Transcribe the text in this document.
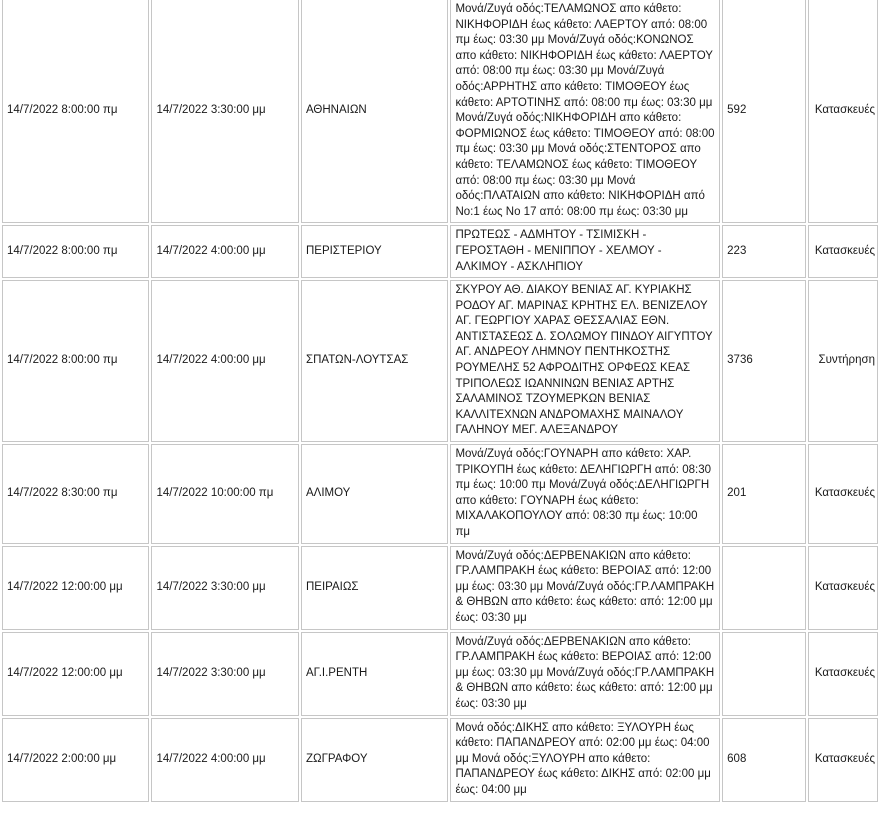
14/7/2022 8:00:00 πμ	14/7/2022 3:30:00 μμ	ΑΘΗΝΑΙΩΝ	Μονά/Ζυγά οδός:ΤΕΛΑΜΩΝΟΣ απο κάθετο: ΝΙΚΗΦΟΡΙΔΗ έως κάθετο: ΛΑΕΡΤΟΥ από: 08:00 πμ έως: 03:30 μμ Μονά/Ζυγά οδός:ΚΟΝΩΝΟΣ απο κάθετο: ΝΙΚΗΦΟΡΙΔΗ έως κάθετο: ΛΑΕΡΤΟΥ από: 08:00 πμ έως: 03:30 μμ Μονά/Ζυγά οδός:ΑΡΡΗΤΗΣ απο κάθετο: ΤΙΜΟΘΕΟΥ έως κάθετο: ΑΡΤΟΤΙΝΗΣ από: 08:00 πμ έως: 03:30 μμ Μονά/Ζυγά οδός:ΝΙΚΗΦΟΡΙΔΗ απο κάθετο: ΦΟΡΜΙΩΝΟΣ έως κάθετο: ΤΙΜΟΘΕΟΥ από: 08:00 πμ έως: 03:30 μμ Μονά οδός:ΣΤΕΝΤΟΡΟΣ απο κάθετο: ΤΕΛΑΜΩΝΟΣ έως κάθετο: ΤΙΜΟΘΕΟΥ από: 08:00 πμ έως: 03:30 μμ Μονά οδός:ΠΛΑΤΑΙΩΝ απο κάθετο: ΝΙΚΗΦΟΡΙΔΗ από Νο:1 έως Νο 17 από: 08:00 πμ έως: 03:30 μμ	592	Κατασκευές
14/7/2022 8:00:00 πμ	14/7/2022 4:00:00 μμ	ΠΕΡΙΣΤΕΡΙΟΥ	ΠΡΩΤΕΩΣ - ΑΔΜΗΤΟΥ - ΤΣΙΜΙΣΚΗ - ΓΕΡΟΣΤΑΘΗ - ΜΕΝΙΠΠΟΥ - ΧΕΛΜΟΥ - ΑΛΚΙΜΟΥ - ΑΣΚΛΗΠΙΟΥ	223	Κατασκευές
14/7/2022 8:00:00 πμ	14/7/2022 4:00:00 μμ	ΣΠΑΤΩΝ-ΛΟΥΤΣΑΣ	ΣΚΥΡΟΥ ΑΘ. ΔΙΑΚΟΥ ΒΕΝΙΑΣ ΑΓ. ΚΥΡΙΑΚΗΣ ΡΟΔΟΥ ΑΓ. ΜΑΡΙΝΑΣ ΚΡΗΤΗΣ ΕΛ. ΒΕΝΙΖΕΛΟΥ ΑΓ. ΓΕΩΡΓΙΟΥ ΧΑΡΑΣ ΘΕΣΣΑΛΙΑΣ ΕΘΝ. ΑΝΤΙΣΤΑΣΕΩΣ Δ. ΣΟΛΩΜΟΥ ΠΙΝΔΟΥ ΑΙΓΥΠΤΟΥ ΑΓ. ΑΝΔΡΕΟΥ ΛΗΜΝΟΥ ΠΕΝΤΗΚΟΣΤΗΣ ΡΟΥΜΕΛΗΣ 52 ΑΦΡΟΔΙΤΗΣ ΟΡΦΕΩΣ ΚΕΑΣ ΤΡΙΠΟΛΕΩΣ ΙΩΑΝΝΙΝΩΝ ΒΕΝΙΑΣ ΑΡΤΗΣ ΣΑΛΑΜΙΝΟΣ ΤΖΟΥΜΕΡΚΩΝ ΒΕΝΙΑΣ ΚΑΛΛΙΤΕΧΝΩΝ ΑΝΔΡΟΜΑΧΗΣ ΜΑΙΝΑΛΟΥ ΓΑΛΗΝΟΥ ΜΕΓ. ΑΛΕΞΑΝΔΡΟΥ	3736	Συντήρηση
14/7/2022 8:30:00 πμ	14/7/2022 10:00:00 πμ	ΑΛΙΜΟΥ	Μονά/Ζυγά οδός:ΓΟΥΝΑΡΗ απο κάθετο: ΧΑΡ. ΤΡΙΚΟΥΠΗ έως κάθετο: ΔΕΛΗΓΙΩΡΓΗ από: 08:30 πμ έως: 10:00 πμ Μονά/Ζυγά οδός:ΔΕΛΗΓΙΩΡΓΗ απο κάθετο: ΓΟΥΝΑΡΗ έως κάθετο: ΜΙΧΑΛΑΚΟΠΟΥΛΟΥ από: 08:30 πμ έως: 10:00 πμ	201	Κατασκευές
14/7/2022 12:00:00 μμ	14/7/2022 3:30:00 μμ	ΠΕΙΡΑΙΩΣ	Μονά/Ζυγά οδός:ΔΕΡΒΕΝΑΚΙΩΝ απο κάθετο: ΓΡ.ΛΑΜΠΡΑΚΗ έως κάθετο: ΒΕΡΟΙΑΣ από: 12:00 μμ έως: 03:30 μμ Μονά/Ζυγά οδός:ΓΡ.ΛΑΜΠΡΑΚΗ & ΘΗΒΩΝ απο κάθετο: έως κάθετο: από: 12:00 μμ έως: 03:30 μμ		Κατασκευές
14/7/2022 12:00:00 μμ	14/7/2022 3:30:00 μμ	ΑΓ.Ι.ΡΕΝΤΗ	Μονά/Ζυγά οδός:ΔΕΡΒΕΝΑΚΙΩΝ απο κάθετο: ΓΡ.ΛΑΜΠΡΑΚΗ έως κάθετο: ΒΕΡΟΙΑΣ από: 12:00 μμ έως: 03:30 μμ Μονά/Ζυγά οδός:ΓΡ.ΛΑΜΠΡΑΚΗ & ΘΗΒΩΝ απο κάθετο: έως κάθετο: από: 12:00 μμ έως: 03:30 μμ		Κατασκευές
14/7/2022 2:00:00 μμ	14/7/2022 4:00:00 μμ	ΖΩΓΡΑΦΟΥ	Μονά οδός:ΔΙΚΗΣ απο κάθετο: ΞΥΛΟΥΡΗ έως κάθετο: ΠΑΠΑΝΔΡΕΟΥ από: 02:00 μμ έως: 04:00 μμ Μονά οδός:ΞΥΛΟΥΡΗ απο κάθετο: ΠΑΠΑΝΔΡΕΟΥ έως κάθετο: ΔΙΚΗΣ από: 02:00 μμ έως: 04:00 μμ	608	Κατασκευές
